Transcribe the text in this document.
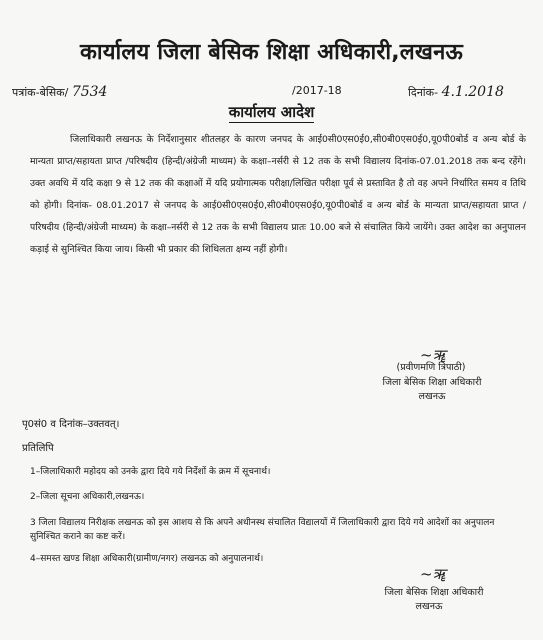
कार्यालय जिला बेसिक शिक्षा अधिकारी,लखनऊ
पत्रांक-बेसिक/ 7534	/2017-18	दिनांक- 4.1.2018
कार्यालय आदेश
जिलाधिकारी लखनऊ के निर्देशानुसार शीतलहर के कारण जनपद के आई0सी0एस0ई0,सी0बी0एस0ई0,यू0पी0बोर्ड व अन्य बोर्ड के मान्यता प्राप्त/सहायता प्राप्त /परिषदीय (हिन्दी/अंग्रेजी माध्यम) के कक्षा–नर्सरी से 12 तक के सभी विद्यालय दिनांक-07.01.2018 तक बन्द रहेंगे। उक्त अवधि में यदि कक्षा 9 से 12 तक की कक्षाओं में यदि प्रयोगात्मक परीक्षा/लिखित परीक्षा पूर्व से प्रस्तावित है तो वह अपने निर्धारित समय व तिथि को होगी। दिनांक- 08.01.2017 से जनपद के आई0सी0एस0ई0,सी0बी0एस0ई0,यू0पी0बोर्ड व अन्य बोर्ड के मान्यता प्राप्त/सहायता प्राप्त /परिषदीय (हिन्दी/अंग्रेजी माध्यम) के कक्षा–नर्सरी से 12 तक के सभी विद्यालय प्रातः 10.00 बजे से संचालित किये जायेंगे। उक्त आदेश का अनुपालन कड़ाई से सुनिश्चित किया जाय। किसी भी प्रकार की शिथिलता क्षम्य नहीं होगी।
~ॠ
(प्रवीणमणि त्रिपाठी)
जिला बेसिक शिक्षा अधिकारी
लखनऊ
पृ0सं0 व दिनांक–उक्तवत्।
प्रतिलिपि
1–जिलाधिकारी महोदय को उनके द्वारा दिये गये निर्देशों के क्रम में सूचनार्थ।
2–जिला सूचना अधिकारी,लखनऊ।
3 जिला विद्यालय निरीक्षक लखनऊ को इस आशय से कि अपने अधीनस्थ संचालित विद्यालयों में जिलाधिकारी द्वारा दिये गये आदेशों का अनुपालन सुनिश्चित कराने का कष्ट करें।
4–समस्त खण्ड शिक्षा अधिकारी(ग्रामीण/नगर) लखनऊ को अनुपालनार्थ।
~ॠ
जिला बेसिक शिक्षा अधिकारी
लखनऊ
